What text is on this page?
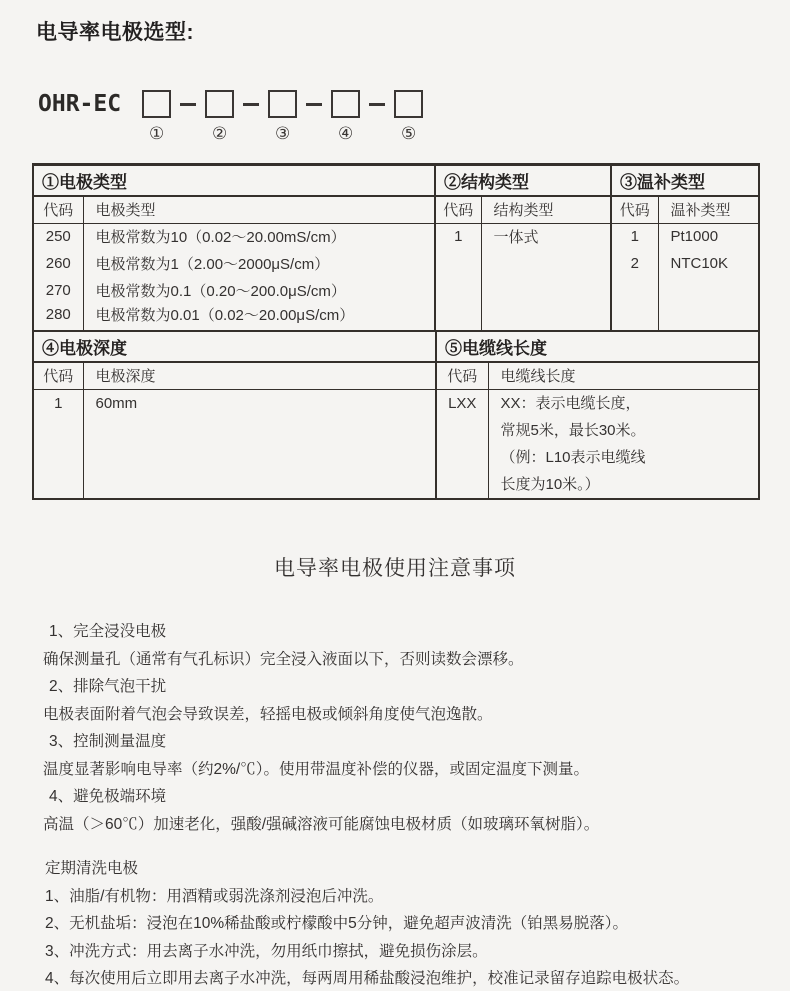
电导率电极选型:
OHR-EC
①	②	③	④	⑤
①电极类型		②结构类型		③温补类型	
代码	电极类型	代码	结构类型	代码	温补类型
250	电极常数为10（0.02～20.00mS/cm）	1	一体式	1	Pt1000
260	电极常数为1（2.00～2000μS/cm）			2	NTC10K
270	电极常数为0.1（0.20～200.0μS/cm）				
280	电极常数为0.01（0.02～20.00μS/cm）				
④电极深度		⑤电缆线长度	
代码	电极深度	代码	电缆线长度
1	60mm	LXX	XX：表示电缆长度，
常规5米，最长30米。
（例：L10表示电缆线
长度为10米。）
电导率电极使用注意事项
1、完全浸没电极
确保测量孔（通常有气孔标识）完全浸入液面以下，否则读数会漂移。
2、排除气泡干扰
电极表面附着气泡会导致误差，轻摇电极或倾斜角度使气泡逸散。
3、控制测量温度
温度显著影响电导率（约2%/℃）。使用带温度补偿的仪器，或固定温度下测量。
4、避免极端环境
高温（＞60℃）加速老化，强酸/强碱溶液可能腐蚀电极材质（如玻璃环氧树脂）。
定期清洗电极
1、油脂/有机物：用酒精或弱洗涤剂浸泡后冲洗。
2、无机盐垢：浸泡在10%稀盐酸或柠檬酸中5分钟，避免超声波清洗（铂黑易脱落）。
3、冲洗方式：用去离子水冲洗，勿用纸巾擦拭，避免损伤涂层。
4、每次使用后立即用去离子水冲洗，每两周用稀盐酸浸泡维护，校准记录留存追踪电极状态。
